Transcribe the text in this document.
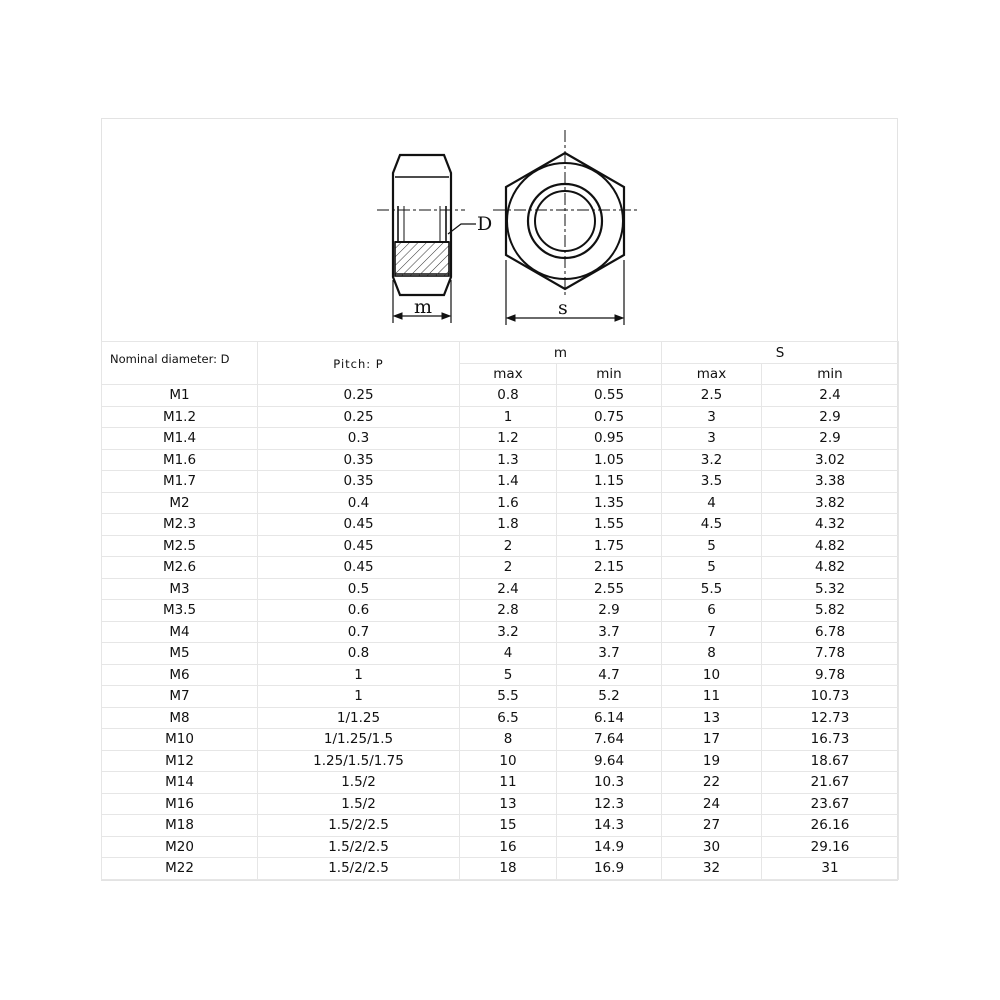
D
m	s
Nominal diameter: D	Pitch: P	m		S	
		max	min	max	min
M1	0.25	0.8	0.55	2.5	2.4
M1.2	0.25	1	0.75	3	2.9
M1.4	0.3	1.2	0.95	3	2.9
M1.6	0.35	1.3	1.05	3.2	3.02
M1.7	0.35	1.4	1.15	3.5	3.38
M2	0.4	1.6	1.35	4	3.82
M2.3	0.45	1.8	1.55	4.5	4.32
M2.5	0.45	2	1.75	5	4.82
M2.6	0.45	2	2.15	5	4.82
M3	0.5	2.4	2.55	5.5	5.32
M3.5	0.6	2.8	2.9	6	5.82
M4	0.7	3.2	3.7	7	6.78
M5	0.8	4	3.7	8	7.78
M6	1	5	4.7	10	9.78
M7	1	5.5	5.2	11	10.73
M8	1/1.25	6.5	6.14	13	12.73
M10	1/1.25/1.5	8	7.64	17	16.73
M12	1.25/1.5/1.75	10	9.64	19	18.67
M14	1.5/2	11	10.3	22	21.67
M16	1.5/2	13	12.3	24	23.67
M18	1.5/2/2.5	15	14.3	27	26.16
M20	1.5/2/2.5	16	14.9	30	29.16
M22	1.5/2/2.5	18	16.9	32	31
